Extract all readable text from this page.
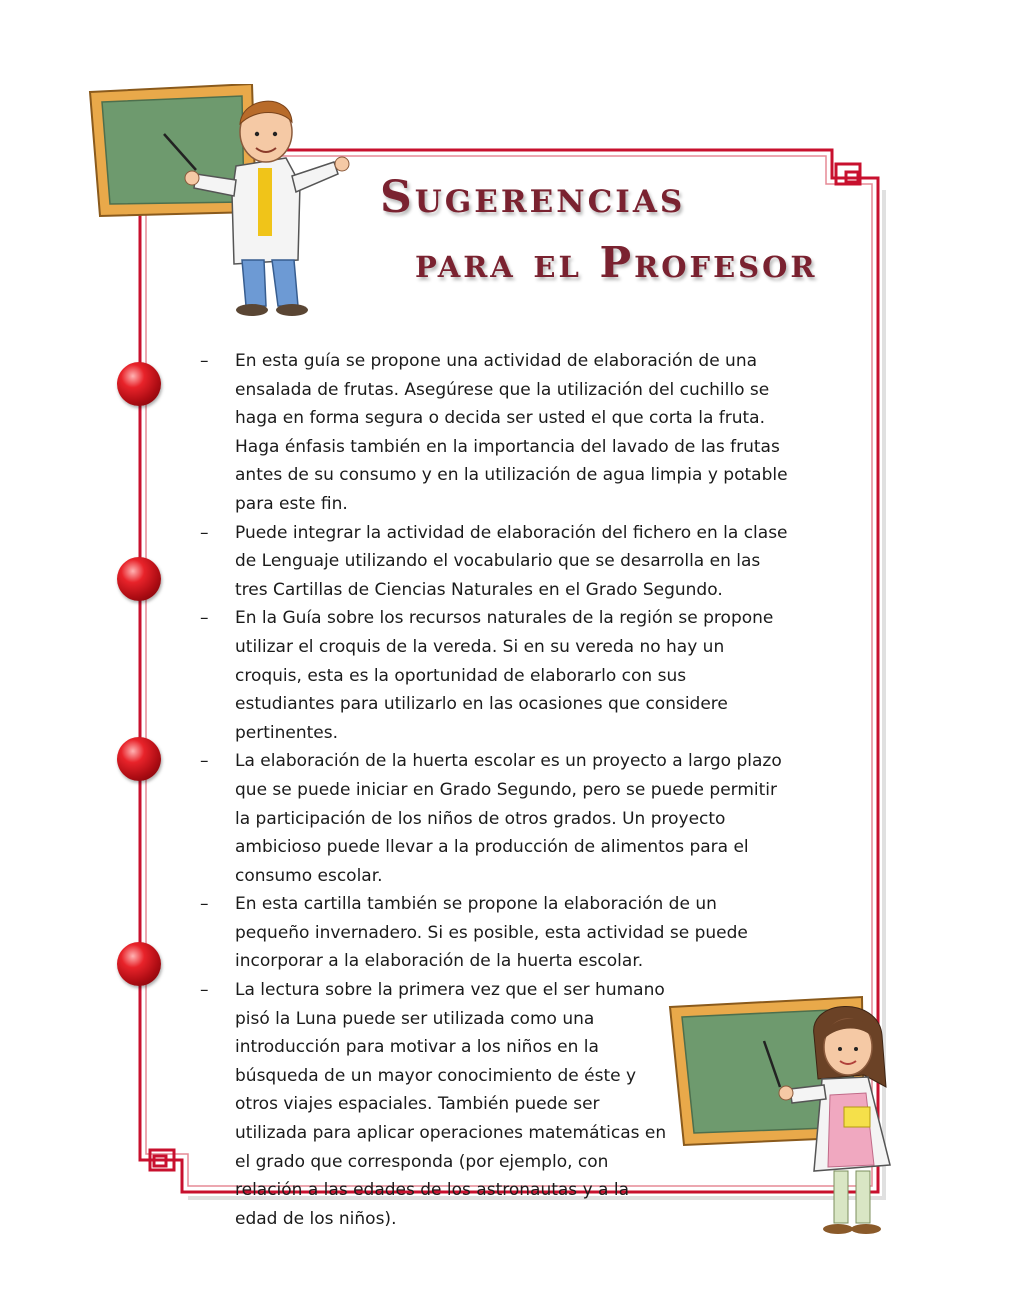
Sugerencias
para el Profesor
– En esta guía se propone una actividad de elaboración de una ensalada de frutas. Asegúrese que la utilización del cuchillo se haga en forma segura o decida ser usted el que corta la fruta. Haga énfasis también en la importancia del lavado de las frutas antes de su consumo y en la utilización de agua limpia y potable para este fin.
– Puede integrar la actividad de elaboración del fichero en la clase de Lenguaje utilizando el vocabulario que se desarrolla en las tres Cartillas de Ciencias Naturales en el Grado Segundo.
– En la Guía sobre los recursos naturales de la región se propone utilizar el croquis de la vereda. Si en su vereda no hay un croquis, esta es la oportunidad de elaborarlo con sus estudiantes para utilizarlo en las ocasiones que considere pertinentes.
– La elaboración de la huerta escolar es un proyecto a largo plazo que se puede iniciar en Grado Segundo, pero se puede permitir la participación de los niños de otros grados. Un proyecto ambicioso puede llevar a la producción de alimentos para el consumo escolar.
– En esta cartilla también se propone la elaboración de un pequeño invernadero. Si es posible, esta actividad se puede incorporar a la elaboración de la huerta escolar.
– La lectura sobre la primera vez que el ser humano pisó la Luna puede ser utilizada como una introducción para motivar a los niños en la búsqueda de un mayor conocimiento de éste y otros viajes espaciales. También puede ser utilizada para aplicar operaciones matemáticas en el grado que corresponda (por ejemplo, con relación a las edades de los astronautas y a la edad de los niños).
